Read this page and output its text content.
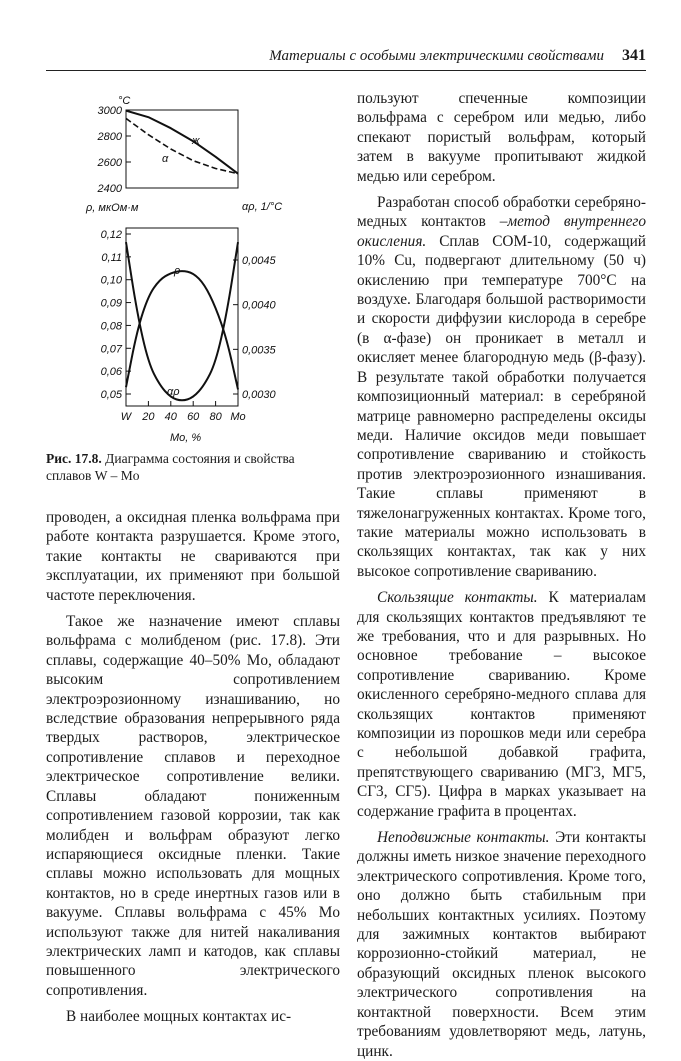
Материалы с особыми электрическими свойствами 341
°С
3000
2800
2600
2400
ж
α
ρ, мкОм·м	αρ, 1/°С
0,12
0,11
0,10
0,09
0,08
0,07
0,06
0,05
0,0045
0,0040
0,0035
0,0030
W 20 40 60 80 Mo
ρ
αρ
Mo, %
Рис. 17.8. Диаграмма состояния и свойства сплавов W – Mo

пользуют спеченные композиции вольфрама с серебром или медью, либо спекают пористый вольфрам, который затем в вакууме пропитывают жидкой медью или серебром.

Разработан способ обработки серебряно-медных контактов –метод внутреннего окисления. Сплав СОМ-10, содержащий 10% Cu, подвергают длительному (50 ч) окислению при температуре 700°С на воздухе. Благодаря большой растворимости и скорости диффузии кислорода в серебре (в α-фазе) он проникает в металл и окисляет менее благородную медь (β-фазу). В результате такой обработки получается композиционный материал: в серебряной матрице равномерно распределены оксиды меди. Наличие оксидов меди повышает сопротивление свариванию и стойкость против электроэрозионного изнашивания. Такие сплавы применяют в тяжелонагруженных контактах. Кроме того, такие материалы можно использовать в скользящих контактах, так как у них высокое сопротивление свариванию.

Скользящие контакты. К материалам для скользящих контактов предъявляют те же требования, что и для разрывных. Но основное требование – высокое сопротивление свариванию. Кроме окисленного серебряно-медного сплава для скользящих контактов применяют композиции из порошков меди или серебра с небольшой добавкой графита, препятствующего свариванию (МГ3, МГ5, СГ3, СГ5). Цифра в марках указывает на содержание графита в процентах.

Неподвижные контакты. Эти контакты должны иметь низкое значение переходного электрического сопротивления. Кроме того, оно должно быть стабильным при небольших контактных усилиях. Поэтому для зажимных контактов выбирают коррозионно-стойкий материал, не образующий оксидных пленок высокого электрического сопротивления на контактной поверхности. Всем этим требованиям удовлетворяют медь, латунь, цинк.

проводен, а оксидная пленка вольфрама при работе контакта разрушается. Кроме этого, такие контакты не свариваются при эксплуатации, их применяют при большой частоте переключения.

Такое же назначение имеют сплавы вольфрама с молибденом (рис. 17.8). Эти сплавы, содержащие 40–50% Mo, обладают высоким сопротивлением электроэрозионному изнашиванию, но вследствие образования непрерывного ряда твердых растворов, электрическое сопротивление сплавов и переходное электрическое сопротивление велики. Сплавы обладают пониженным сопротивлением газовой коррозии, так как молибден и вольфрам образуют легко испаряющиеся оксидные пленки. Такие сплавы можно использовать для мощных контактов, но в среде инертных газов или в вакууме. Сплавы вольфрама с 45% Mo используют также для нитей накаливания электрических ламп и катодов, как сплавы повышенного электрического сопротивления.

В наиболее мощных контактах ис-
